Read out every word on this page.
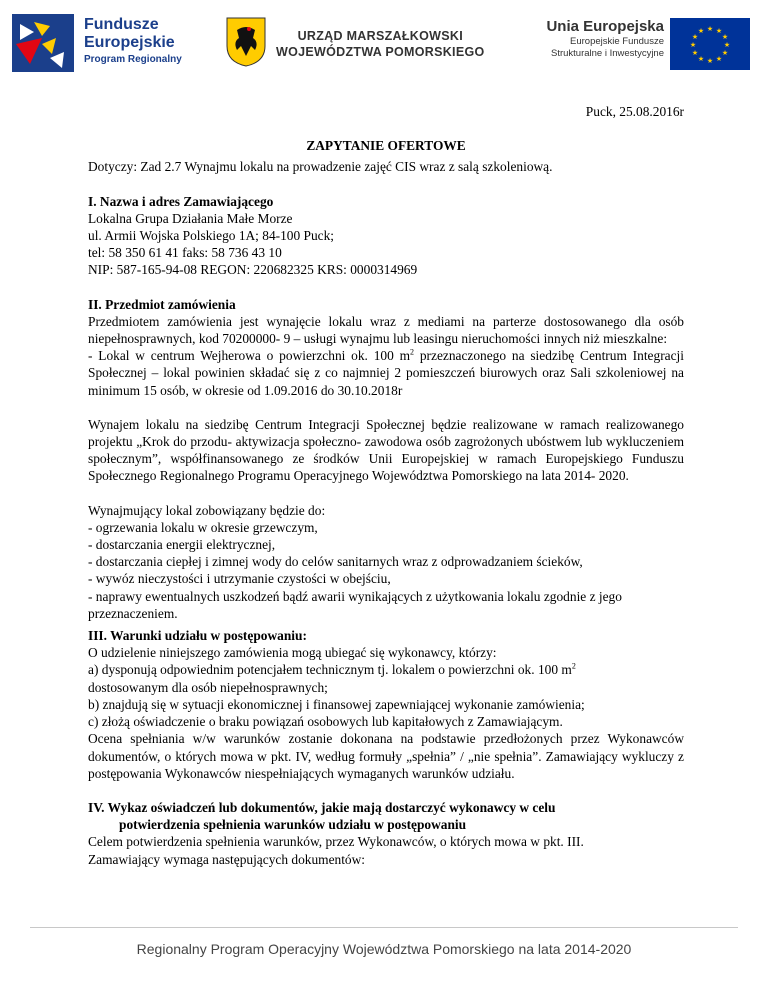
Fundusze
Europejskie
Program Regionalny
URZĄD MARSZAŁKOWSKI
WOJEWÓDZTWA POMORSKIEGO
Unia Europejska
Europejskie Fundusze
Strukturalne i Inwestycyjne
★ ★
★
★
★
★
★
★
★
★
★
★

Puck, 25.08.2016r

ZAPYTANIE OFERTOWE

Dotyczy: Zad 2.7 Wynajmu lokalu na prowadzenie zajęć CIS wraz z salą szkoleniową.

I. Nazwa i adres Zamawiającego

Lokalna Grupa Działania Małe Morze

ul. Armii Wojska Polskiego 1A; 84-100 Puck;

tel: 58 350 61 41 faks: 58 736 43 10

NIP: 587-165-94-08 REGON: 220682325 KRS: 0000314969

II. Przedmiot zamówienia

Przedmiotem zamówienia jest wynajęcie lokalu wraz z mediami na parterze dostosowanego dla osób niepełnosprawnych, kod 70200000- 9 – usługi wynajmu lub leasingu nieruchomości innych niż mieszkalne:

- Lokal w centrum Wejherowa o powierzchni ok. 100 $m^2$ przeznaczonego na siedzibę Centrum Integracji Społecznej – lokal powinien składać się z co najmniej 2 pomieszczeń biurowych oraz Sali szkoleniowej na minimum 15 osób, w okresie od 1.09.2016 do 30.10.2018r

Wynajem lokalu na siedzibę Centrum Integracji Społecznej będzie realizowane w ramach realizowanego projektu „Krok do przodu- aktywizacja społeczno- zawodowa osób zagrożonych ubóstwem lub wykluczeniem społecznym”, współfinansowanego ze środków Unii Europejskiej w ramach Europejskiego Funduszu Społecznego Regionalnego Programu Operacyjnego Województwa Pomorskiego na lata 2014- 2020.

Wynajmujący lokal zobowiązany będzie do:

- ogrzewania lokalu w okresie grzewczym,

- dostarczania energii elektrycznej,

- dostarczania ciepłej i zimnej wody do celów sanitarnych wraz z odprowadzaniem ścieków,

- wywóz nieczystości i utrzymanie czystości w obejściu,

- naprawy ewentualnych uszkodzeń bądź awarii wynikających z użytkowania lokalu zgodnie z jego przeznaczeniem.

III. Warunki udziału w postępowaniu:

O udzielenie niniejszego zamówienia mogą ubiegać się wykonawcy, którzy:

a) dysponują odpowiednim potencjałem technicznym tj. lokalem o powierzchni ok. 100 $m^2$

dostosowanym dla osób niepełnosprawnych;

b) znajdują się w sytuacji ekonomicznej i finansowej zapewniającej wykonanie zamówienia;

c) złożą oświadczenie o braku powiązań osobowych lub kapitałowych z Zamawiającym.

Ocena spełniania w/w warunków zostanie dokonana na podstawie przedłożonych przez Wykonawców dokumentów, o których mowa w pkt. IV, według formuły „spełnia” / „nie spełnia”. Zamawiający wykluczy z postępowania Wykonawców niespełniających wymaganych warunków udziału.

IV. Wykaz oświadczeń lub dokumentów, jakie mają dostarczyć wykonawcy w celu

potwierdzenia spełnienia warunków udziału w postępowaniu

Celem potwierdzenia spełnienia warunków, przez Wykonawców, o których mowa w pkt. III.

Zamawiający wymaga następujących dokumentów:

Regionalny Program Operacyjny Województwa Pomorskiego na lata 2014-2020
